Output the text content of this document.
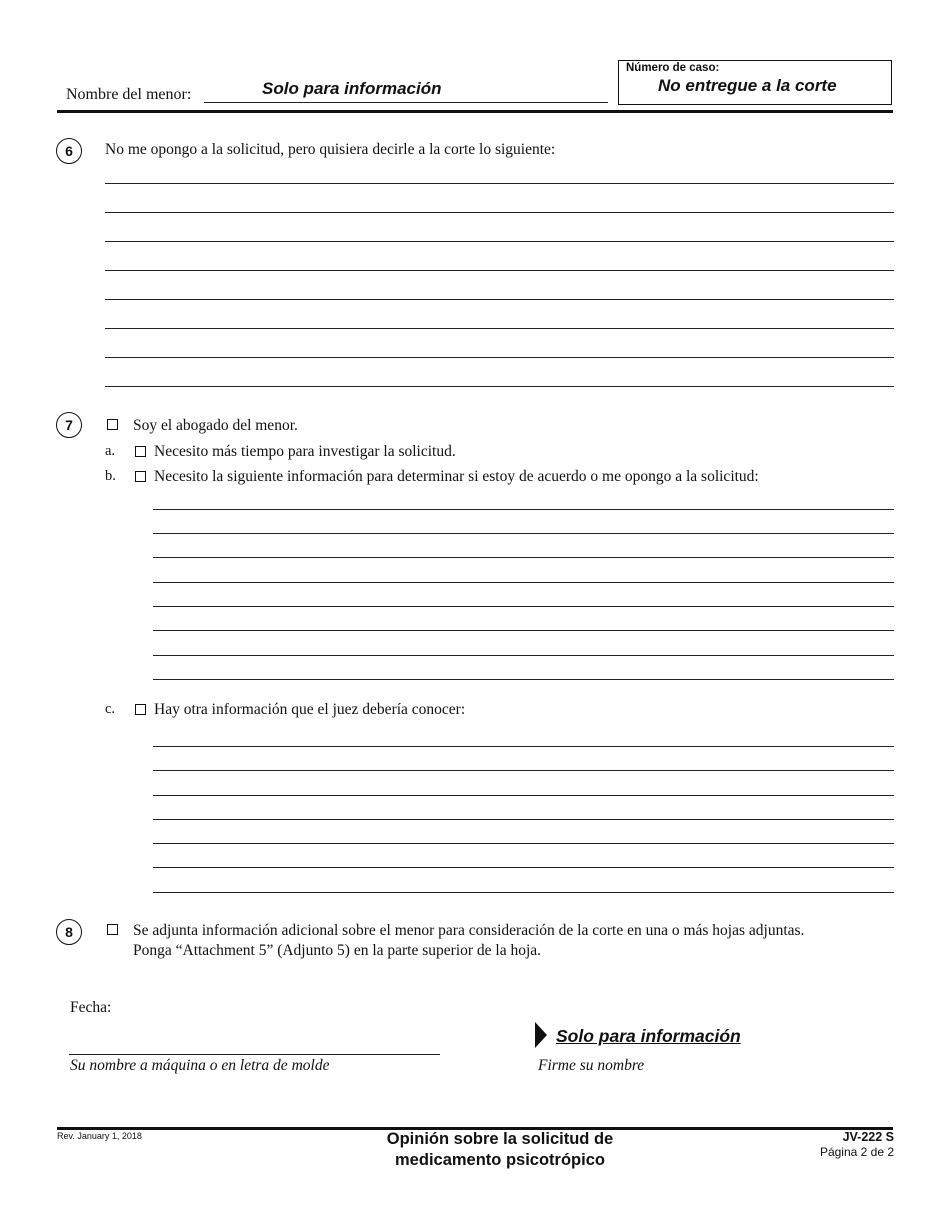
Nombre del menor:	Solo para información
Número de caso:
No entregue a la corte
6	No me opongo a la solicitud, pero quisiera decirle a la corte lo siguiente:
7	Soy el abogado del menor.
a.	Necesito más tiempo para investigar la solicitud.
b. Necesito la siguiente información para determinar si estoy de acuerdo o me opongo a la solicitud:
c.	Hay otra información que el juez debería conocer:
8	Se adjunta información adicional sobre el menor para consideración de la corte en una o más hojas adjuntas.
Ponga “Attachment 5” (Adjunto 5) en la parte superior de la hoja.
Fecha:
Su nombre a máquina o en letra de molde
Solo para información
Firme su nombre
Rev. January 1, 2018	Opinión sobre la solicitud de
medicamento psicotrópico
JV-222 S
Página 2 de 2
